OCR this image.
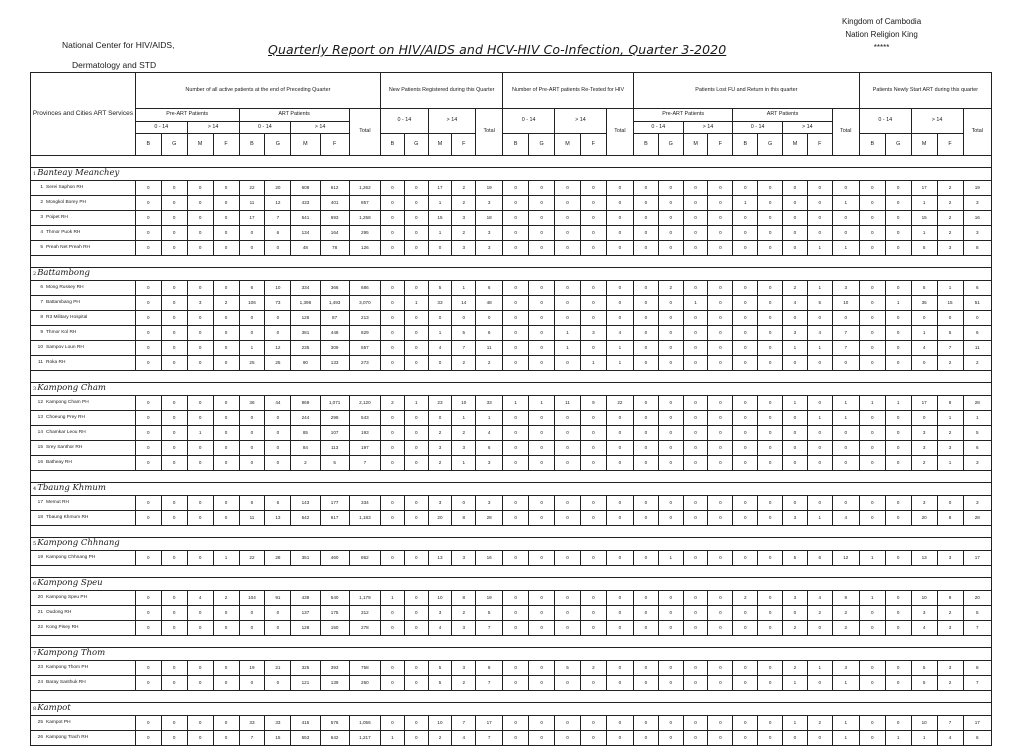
National Center for HIV/AIDS,
Dermatology and STD
Kingdom of Cambodia
Nation Religion King
*****
Quarterly Report on HIV/AIDS and HCV-HIV Co-Infection, Quarter 3-2020
Provinces and Cities ART Services	Number of all active patients at the end of Preceding Quarter									New Patients Registered during this Quarter					Number of Pre-ART patients Re-Tested for HIV					Patients Lost FU and Return in this quarter									Patients Newly Start ART during this quarter				
	Pre-ART Patients				ART Patients				Total	0 - 14		> 14		Total	0 - 14		> 14		Total	Pre-ART Patients				ART Patients				Total	0 - 14		> 14		Total
	0 - 14		> 14		0 - 14		> 14													0 - 14		> 14		0 - 14		> 14							
	B	G	M	F	B	G	M	F		B	G	M	F		B	G	M	F		B	G	M	F	B	G	M	F		B	G	M	F	

1Banteay Meanchey																																	
1 Serei Saphon RH	0	0	0	0	22	20	608	612	1,262	0	0	17	2	19	0	0	0	0	0	0	0	0	0	0	0	0	0	0	0	0	17	2	19
2 Mongkol Borey PH	0	0	0	0	11	12	433	401	857	0	0	1	2	3	0	0	0	0	0	0	0	0	0	1	0	0	0	1	0	0	1	2	3
3 Poipet RH	0	0	0	0	17	7	541	693	1,258	0	0	15	3	18	0	0	0	0	0	0	0	0	0	0	0	0	0	0	0	0	15	2	16
4 Thmor Puok RH	0	0	0	0	0	6	134	164	295	0	0	1	2	3	0	0	0	0	0	0	0	0	0	0	0	0	0	0	0	0	1	2	3
5 Preah Net Preah RH	0	0	0	0	0	0	48	78	126	0	0	0	3	3	0	0	0	0	0	0	0	0	0	0	0	0	1	1	0	0	5	3	8

2Battambong																																	
6 Mong Russey RH	0	0	0	0	6	10	334	366	686	0	0	5	1	6	0	0	0	0	0	0	2	0	0	0	0	2	1	3	0	0	5	1	6
7 Battambang PH	0	0	3	2	106	73	1,398	1,493	3,070	0	1	33	14	48	0	0	0	0	0	0	0	1	0	0	0	4	5	10	0	1	35	15	51
8 R3 Military Hospital	0	0	0	0	0	0	126	87	213	0	0	0	0	0	0	0	0	0	0	0	0	0	0	0	0	0	0	0	0	0	0	0	0
9 Thmor Kol RH	0	0	0	0	0	0	381	448	829	0	0	1	5	6	0	0	1	3	4	0	0	0	0	0	0	3	4	7	0	0	1	5	6
10 Sampov Loun RH	0	0	0	0	1	12	235	309	557	0	0	4	7	11	0	0	1	0	1	0	0	0	0	0	0	1	1	7	0	0	4	7	11
11 Roka RH	0	0	0	0	25	25	90	133	273	0	0	0	2	2	0	0	0	1	1	0	0	0	0	0	0	0	0	0	0	0	0	2	2

3Kampong Cham																																	
12 Kampong Cham PH	0	0	0	0	36	44	969	1,071	2,120	2	1	23	10	33	1	1	11	9	22	0	0	0	0	0	0	1	0	1	1	1	17	8	28
13 Choeung Prey RH	0	0	0	0	0	0	244	299	543	0	0	0	1	1	0	0	0	0	0	0	0	0	0	0	0	0	1	1	0	0	0	1	1
14 Chamkar Leou RH	0	0	1	0	0	0	85	107	193	0	0	2	2	4	0	0	0	0	0	0	0	0	0	0	0	0	0	0	0	0	3	2	5
15 Srey Santhor RH	0	0	0	0	0	0	84	113	197	0	0	3	3	6	0	0	0	0	0	0	0	0	0	0	0	0	0	0	0	0	3	3	6
16 Batheay RH	0	0	0	0	0	0	2	5	7	0	0	2	1	3	0	0	0	0	0	0	0	0	0	0	0	0	0	0	0	0	2	1	3

4Tbaung Khmum																																	
17 Memut RH	0	0	0	0	6	6	143	177	334	0	0	3	0	3	0	0	0	0	0	0	0	0	0	0	0	0	0	0	0	0	3	0	3
18 Tbaung Khmum RH	0	0	0	0	11	13	542	617	1,183	0	0	20	8	28	0	0	0	0	0	0	0	0	0	0	0	3	1	4	0	0	20	8	28

5Kampong Chhnang																																	
19 Kampong Chhnang PH	0	0	0	1	22	28	351	460	862	0	0	13	3	16	0	0	0	0	0	0	1	0	0	0	0	5	6	12	1	0	13	3	17

6Kampong Speu																																	
20 Kampong Speu PH	0	0	4	2	104	91	438	540	1,179	1	0	10	8	19	0	0	0	0	0	0	0	0	0	2	0	3	4	9	1	0	10	9	20
21 Oudong RH	0	0	0	0	0	0	137	175	312	0	0	3	2	5	0	0	0	0	0	0	0	0	0	0	0	0	2	2	0	0	3	2	5
22 Kong Pisey RH	0	0	0	0	0	0	128	150	278	0	0	4	3	7	0	0	0	0	0	0	0	0	0	0	0	2	0	2	0	0	4	3	7

7Kampong Thom																																	
23 Kampong Thom PH	0	0	0	0	19	21	325	393	758	0	0	5	3	8	0	0	5	2	0	0	0	0	0	0	0	2	1	3	0	0	5	3	8
24 Baray Santhuk RH	0	0	0	0	0	0	121	139	260	0	0	5	2	7	0	0	0	0	0	0	0	0	0	0	0	1	0	1	0	0	5	2	7

8Kampot																																	
25 Kampot PH	0	0	0	0	33	33	415	576	1,056	0	0	10	7	17	0	0	0	0	0	0	0	0	0	0	0	1	2	1	0	0	10	7	17
26 Kampong Trach RH	0	0	0	0	7	15	553	642	1,217	1	0	2	4	7	0	0	0	0	0	0	0	0	0	0	0	0	0	1	0	1	1	4	6
